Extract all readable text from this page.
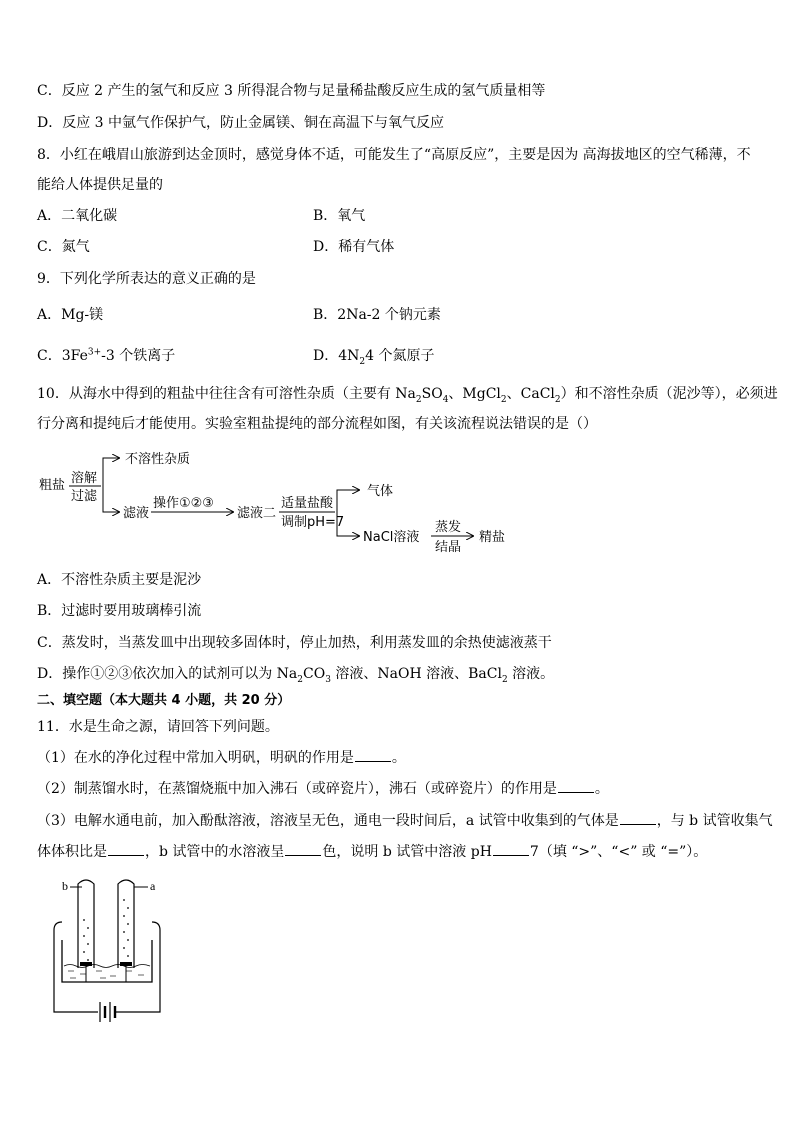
C．反应 2 产生的氢气和反应 3 所得混合物与足量稀盐酸反应生成的氢气质量相等
D．反应 3 中氩气作保护气，防止金属镁、铜在高温下与氧气反应
8．小红在峨眉山旅游到达金顶时，感觉身体不适，可能发生了“高原反应”，主要是因为 高海拔地区的空气稀薄，不
能给人体提供足量的
A．二氧化碳	B．氧气
C．氮气	D．稀有气体
9．下列化学所表达的意义正确的是
A．Mg-镁	B．2Na-2 个钠元素
C．$3Fe^{3+}-3$ 个铁离子	D．$4N_24$ 个氮原子
10．从海水中得到的粗盐中往往含有可溶性杂质（主要有 $Na_2SO_4$、MgCl$_2$、CaCl$_2$）和不溶性杂质（泥沙等），必须进
行分离和提纯后才能使用。实验室粗盐提纯的部分流程如图，有关该流程说法错误的是（）
粗盐 溶解
过滤
不溶性杂质
滤液
操作①②③
滤液二
适量盐酸
调制pH=7
气体
NaCl溶液
蒸发
结晶
精盐
A．不溶性杂质主要是泥沙
B．过滤时要用玻璃棒引流
C．蒸发时，当蒸发皿中出现较多固体时，停止加热，利用蒸发皿的余热使滤液蒸干
D．操作①②③依次加入的试剂可以为 $Na_2CO_3$ 溶液、NaOH 溶液、BaCl$_2$ 溶液。
二、填空题（本大题共 4 小题，共 20 分）
11．水是生命之源，请回答下列问题。
（1）在水的净化过程中常加入明矾，明矾的作用是	。
（2）制蒸馏水时，在蒸馏烧瓶中加入沸石（或碎瓷片），沸石（或碎瓷片）的作用是	。
（3）电解水通电前，加入酚酞溶液，溶液呈无色，通电一段时间后，a 试管中收集到的气体是	，与 b 试管收集气
体体积比是	，b 试管中的水溶液呈	色，说明 b 试管中溶液 pH	7（填 “>”、“<” 或 “=”）。
b	a
